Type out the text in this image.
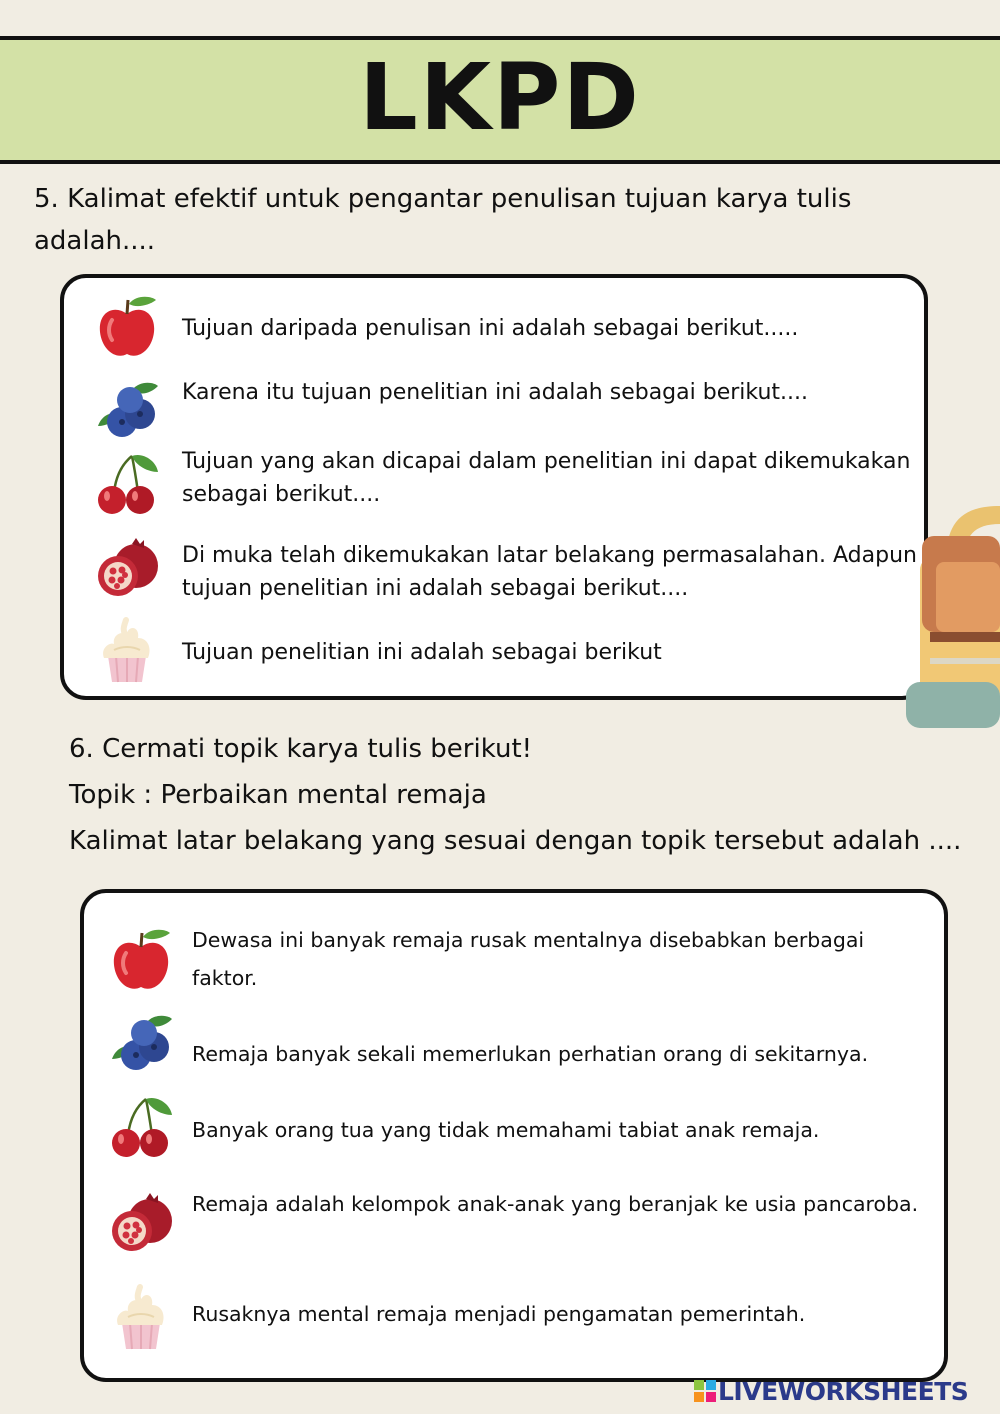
LKPD
5. Kalimat efektif untuk pengantar penulisan tujuan karya tulis adalah....
Tujuan daripada penulisan ini adalah sebagai berikut.....
Karena itu tujuan penelitian ini adalah sebagai berikut....
Tujuan yang akan dicapai dalam penelitian ini dapat dikemukakan sebagai berikut....
Di muka telah dikemukakan latar belakang permasalahan. Adapun tujuan penelitian ini adalah sebagai berikut....
Tujuan penelitian ini adalah sebagai berikut
6. Cermati topik karya tulis berikut!
Topik : Perbaikan mental remaja
Kalimat latar belakang yang sesuai dengan topik tersebut adalah ....
Dewasa ini banyak remaja rusak mentalnya disebabkan berbagai faktor.
Remaja banyak sekali memerlukan perhatian orang di sekitarnya.
Banyak orang tua yang tidak memahami tabiat anak remaja.
Remaja adalah kelompok anak-anak yang beranjak ke usia pancaroba.
Rusaknya mental remaja menjadi pengamatan pemerintah.
LIVEWORKSHEETS
